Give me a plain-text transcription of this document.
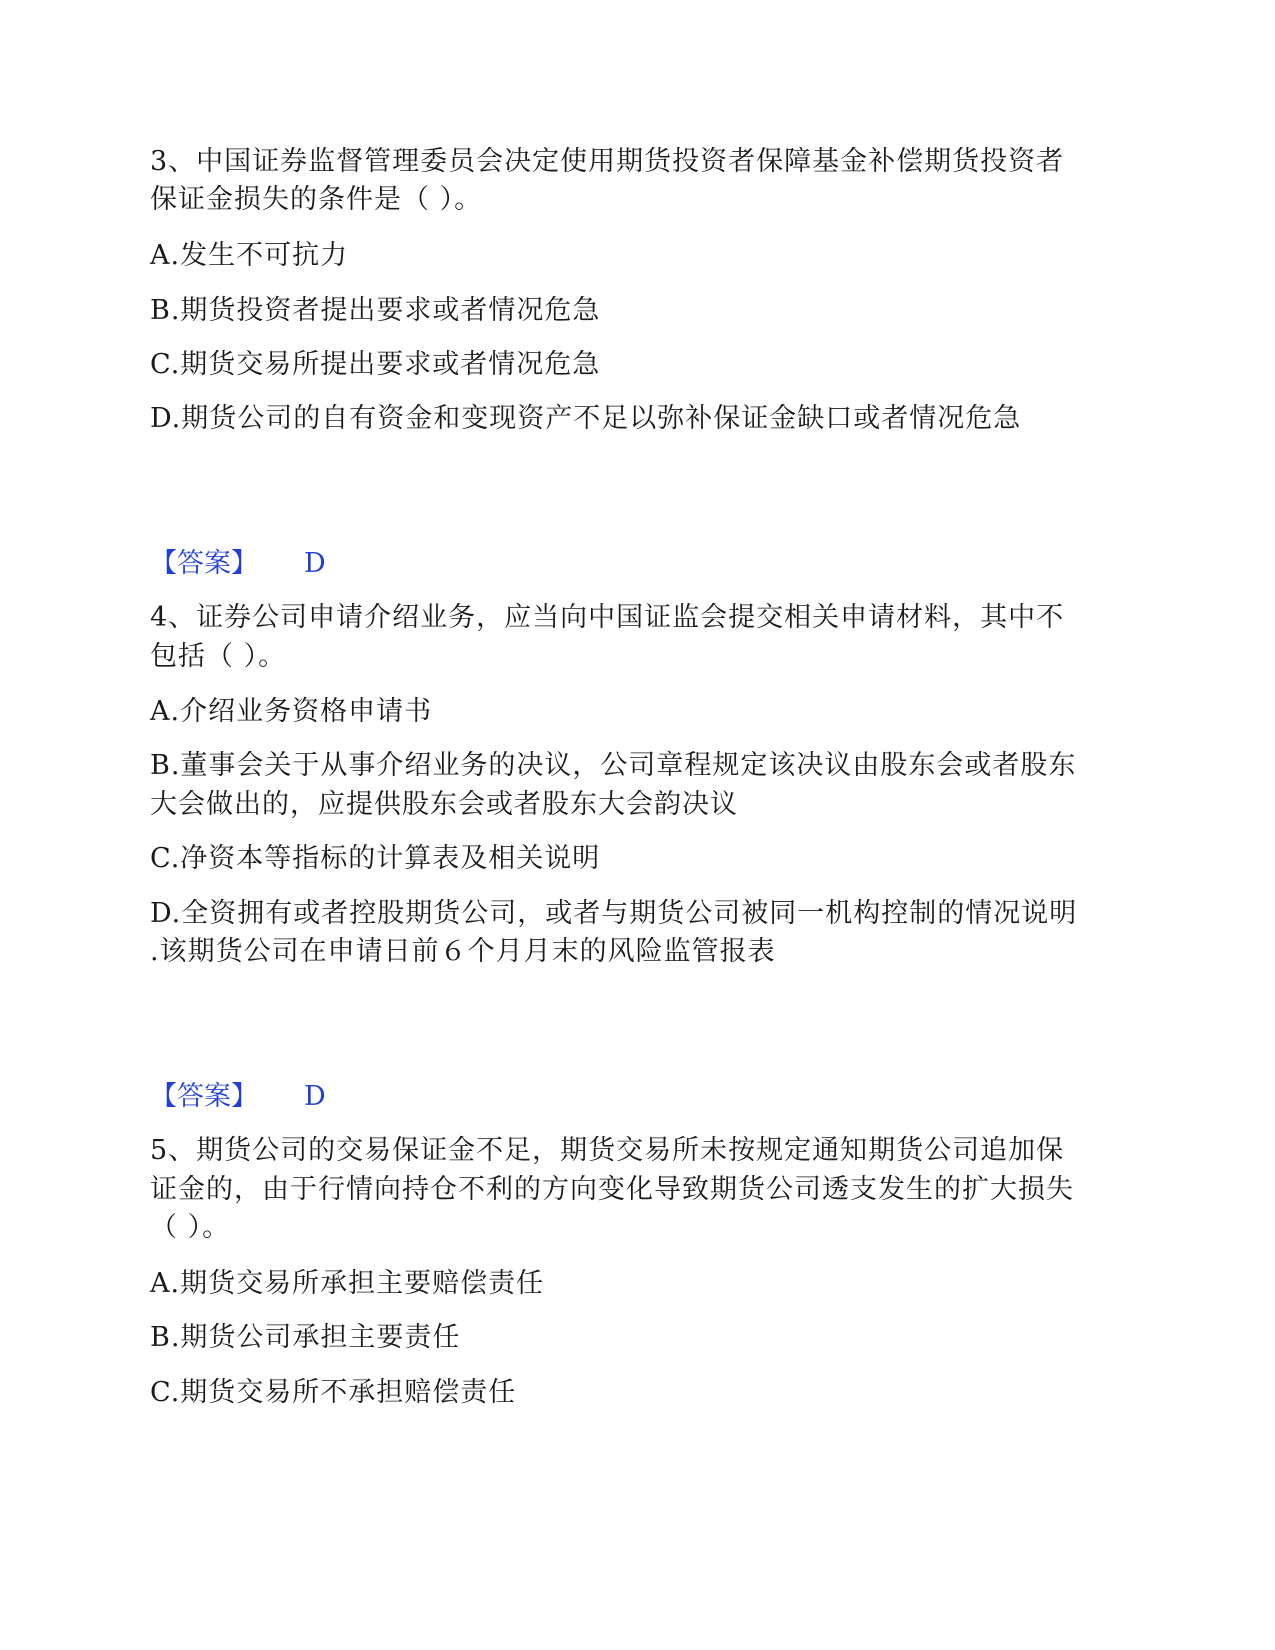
3、中国证券监督管理委员会决定使用期货投资者保障基金补偿期货投资者
保证金损失的条件是（ ）。
A.发生不可抗力
B.期货投资者提出要求或者情况危急
C.期货交易所提出要求或者情况危急
D.期货公司的自有资金和变现资产不足以弥补保证金缺口或者情况危急
【答案】 D
4、证券公司申请介绍业务，应当向中国证监会提交相关申请材料，其中不
包括（ ）。
A.介绍业务资格申请书
B.董事会关于从事介绍业务的决议，公司章程规定该决议由股东会或者股东
大会做出的，应提供股东会或者股东大会韵决议
C.净资本等指标的计算表及相关说明
D.全资拥有或者控股期货公司，或者与期货公司被同一机构控制的情况说明
.该期货公司在申请日前６个月月末的风险监管报表
【答案】 D
5、期货公司的交易保证金不足，期货交易所未按规定通知期货公司追加保
证金的，由于行情向持仓不利的方向变化导致期货公司透支发生的扩大损失
（ ）。
A.期货交易所承担主要赔偿责任
B.期货公司承担主要责任
C.期货交易所不承担赔偿责任
